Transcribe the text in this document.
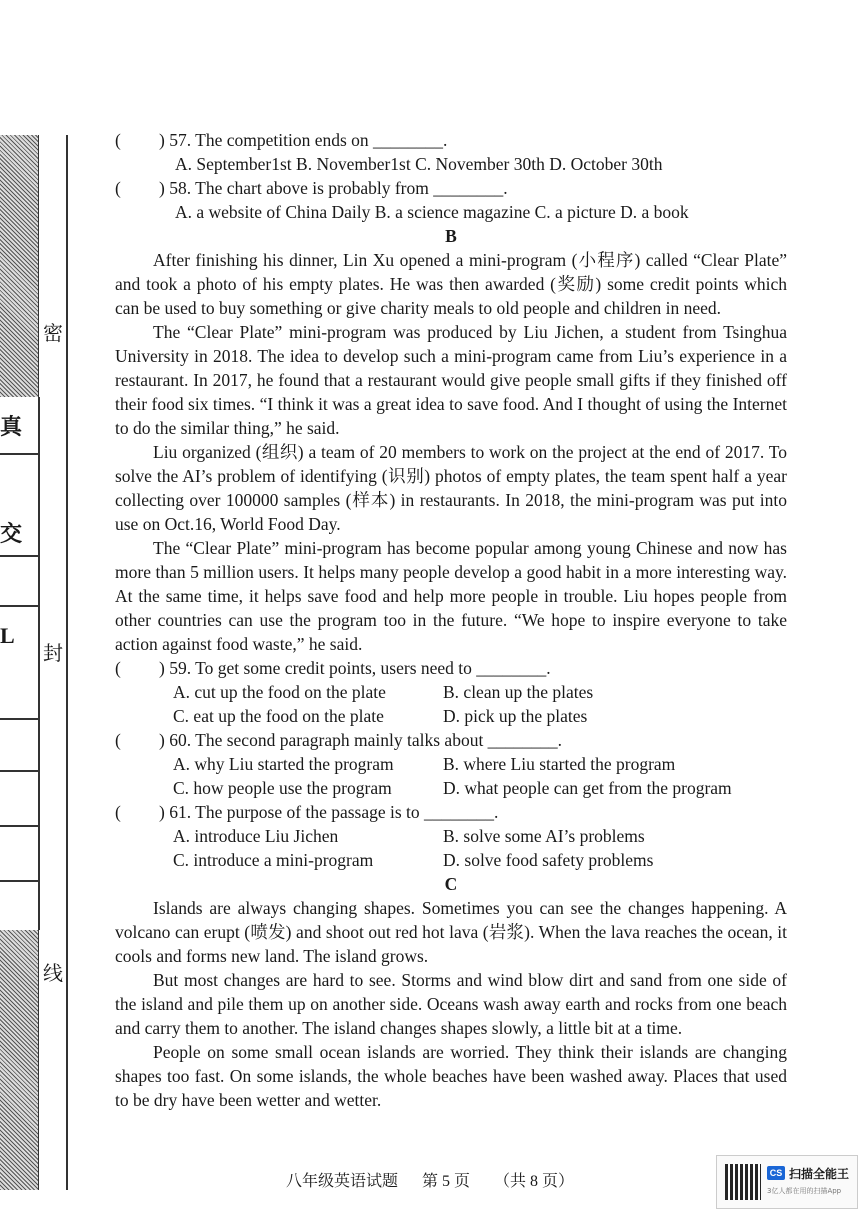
密
封
线
真
交
L
( ) 57. The competition ends on ________.
A. September1st B. November1st C. November 30th D. October 30th
( ) 58. The chart above is probably from ________.
A. a website of China Daily B. a science magazine C. a picture D. a book
B
After finishing his dinner, Lin Xu opened a mini-program (小程序) called “Clear Plate” and took a photo of his empty plates. He was then awarded (奖励) some credit points which can be used to buy something or give charity meals to old people and children in need.
The “Clear Plate” mini-program was produced by Liu Jichen, a student from Tsinghua University in 2018. The idea to develop such a mini-program came from Liu’s experience in a restaurant. In 2017, he found that a restaurant would give people small gifts if they finished off their food six times. “I think it was a great idea to save food. And I thought of using the Internet to do the similar thing,” he said.
Liu organized (组织) a team of 20 members to work on the project at the end of 2017. To solve the AI’s problem of identifying (识别) photos of empty plates, the team spent half a year collecting over 100000 samples (样本) in restaurants. In 2018, the mini-program was put into use on Oct.16, World Food Day.
The “Clear Plate” mini-program has become popular among young Chinese and now has more than 5 million users. It helps many people develop a good habit in a more interesting way. At the same time, it helps save food and help more people in trouble. Liu hopes people from other countries can use the program too in the future. “We hope to inspire everyone to take action against food waste,” he said.
( ) 59. To get some credit points, users need to ________.
A. cut up the food on the plate	B. clean up the plates
C. eat up the food on the plate	D. pick up the plates
( ) 60. The second paragraph mainly talks about ________.
A. why Liu started the program	B. where Liu started the program
C. how people use the program	D. what people can get from the program
( ) 61. The purpose of the passage is to ________.
A. introduce Liu Jichen	B. solve some AI’s problems
C. introduce a mini-program	D. solve food safety problems
C
Islands are always changing shapes. Sometimes you can see the changes happening. A volcano can erupt (喷发) and shoot out red hot lava (岩浆). When the lava reaches the ocean, it cools and forms new land. The island grows.
But most changes are hard to see. Storms and wind blow dirt and sand from one side of the island and pile them up on another side. Oceans wash away earth and rocks from one beach and carry them to another. The island changes shapes slowly, a little bit at a time.
People on some small ocean islands are worried. They think their islands are changing shapes too fast. On some islands, the whole beaches have been washed away. Places that used to be dry have been wetter and wetter.
八年级英语试题 第 5 页 （共 8 页）	CS 扫描全能王
3亿人都在用的扫描App
